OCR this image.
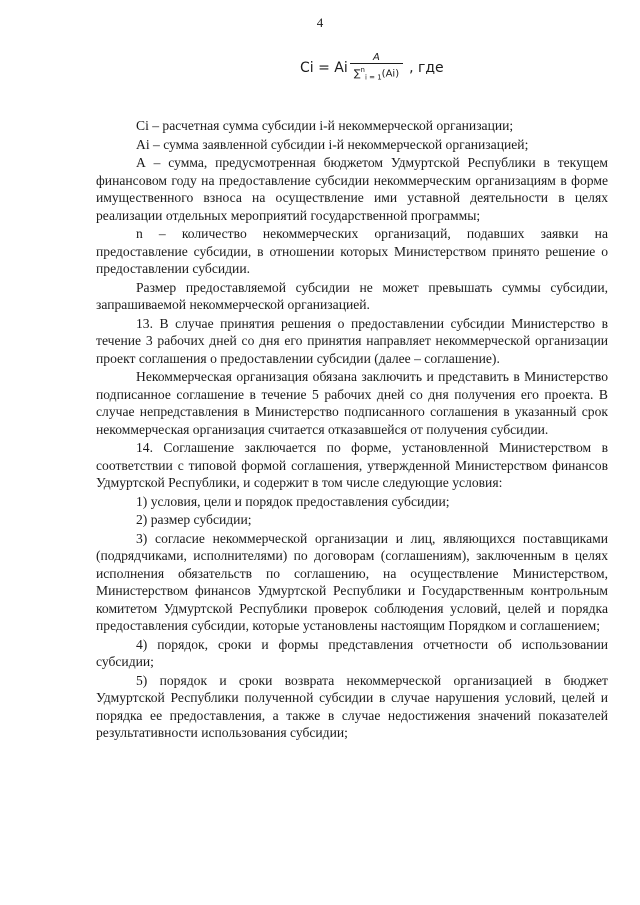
4
Ci = Ai $\frac{A}{\sum^n_{i = 1}(Ai)}$ , где

Ci – расчетная сумма субсидии i-й некоммерческой организации;

Ai – сумма заявленной субсидии i-й некоммерческой организацией;

А – сумма, предусмотренная бюджетом Удмуртской Республики в текущем финансовом году на предоставление субсидии некоммерческим организациям в форме имущественного взноса на осуществление ими уставной деятельности в целях реализации отдельных мероприятий государственной программы;

n – количество некоммерческих организаций, подавших заявки на предоставление субсидии, в отношении которых Министерством принято решение о предоставлении субсидии.

Размер предоставляемой субсидии не может превышать суммы субсидии, запрашиваемой некоммерческой организацией.

13. В случае принятия решения о предоставлении субсидии Министерство в течение 3 рабочих дней со дня его принятия направляет некоммерческой организации проект соглашения о предоставлении субсидии (далее – соглашение).

Некоммерческая организация обязана заключить и представить в Министерство подписанное соглашение в течение 5 рабочих дней со дня получения его проекта. В случае непредставления в Министерство подписанного соглашения в указанный срок некоммерческая организация считается отказавшейся от получения субсидии.

14. Соглашение заключается по форме, установленной Министерством в соответствии с типовой формой соглашения, утвержденной Министерством финансов Удмуртской Республики, и содержит в том числе следующие условия:

1) условия, цели и порядок предоставления субсидии;

2) размер субсидии;

3) согласие некоммерческой организации и лиц, являющихся поставщиками (подрядчиками, исполнителями) по договорам (соглашениям), заключенным в целях исполнения обязательств по соглашению, на осуществление Министерством, Министерством финансов Удмуртской Республики и Государственным контрольным комитетом Удмуртской Республики проверок соблюдения условий, целей и порядка предоставления субсидии, которые установлены настоящим Порядком и соглашением;

4) порядок, сроки и формы представления отчетности об использовании субсидии;

5) порядок и сроки возврата некоммерческой организацией в бюджет Удмуртской Республики полученной субсидии в случае нарушения условий, целей и порядка ее предоставления, а также в случае недостижения значений показателей результативности использования субсидии;
